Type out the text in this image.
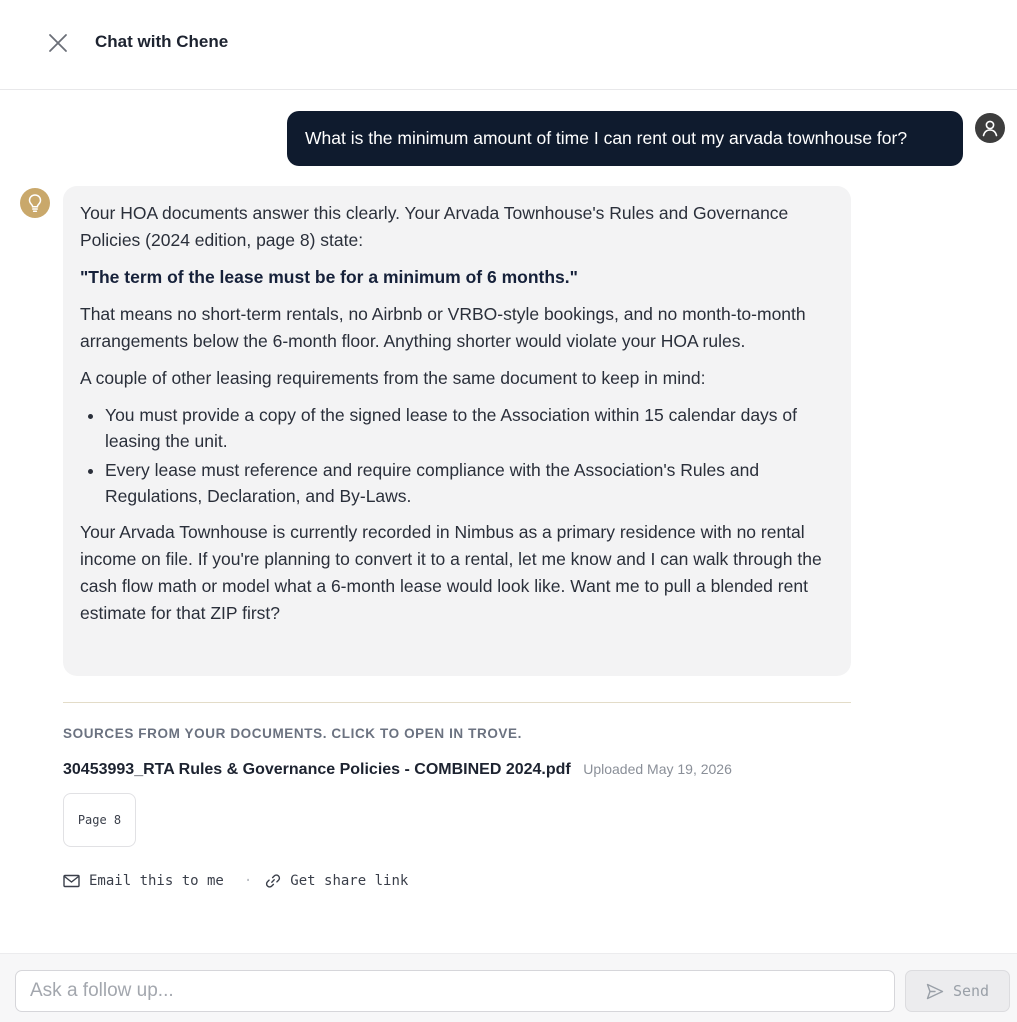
Chat with Chene
What is the minimum amount of time I can rent out my arvada townhouse for?

Your HOA documents answer this clearly. Your Arvada Townhouse's Rules and Governance Policies (2024 edition, page 8) state:

"The term of the lease must be for a minimum of 6 months."

That means no short-term rentals, no Airbnb or VRBO-style bookings, and no month-to-month arrangements below the 6-month floor. Anything shorter would violate your HOA rules.

A couple of other leasing requirements from the same document to keep in mind:

• You must provide a copy of the signed lease to the Association within 15 calendar days of leasing the unit.
• Every lease must reference and require compliance with the Association's Rules and Regulations, Declaration, and By-Laws.

Your Arvada Townhouse is currently recorded in Nimbus as a primary residence with no rental income on file. If you're planning to convert it to a rental, let me know and I can walk through the cash flow math or model what a 6-month lease would look like. Want me to pull a blended rent estimate for that ZIP first?

SOURCES FROM YOUR DOCUMENTS. CLICK TO OPEN IN TROVE.
30453993_RTA Rules & Governance Policies - COMBINED 2024.pdf Uploaded May 19, 2026
Page 8
Email this to me ·	Get share link
Ask a follow up...
Send
